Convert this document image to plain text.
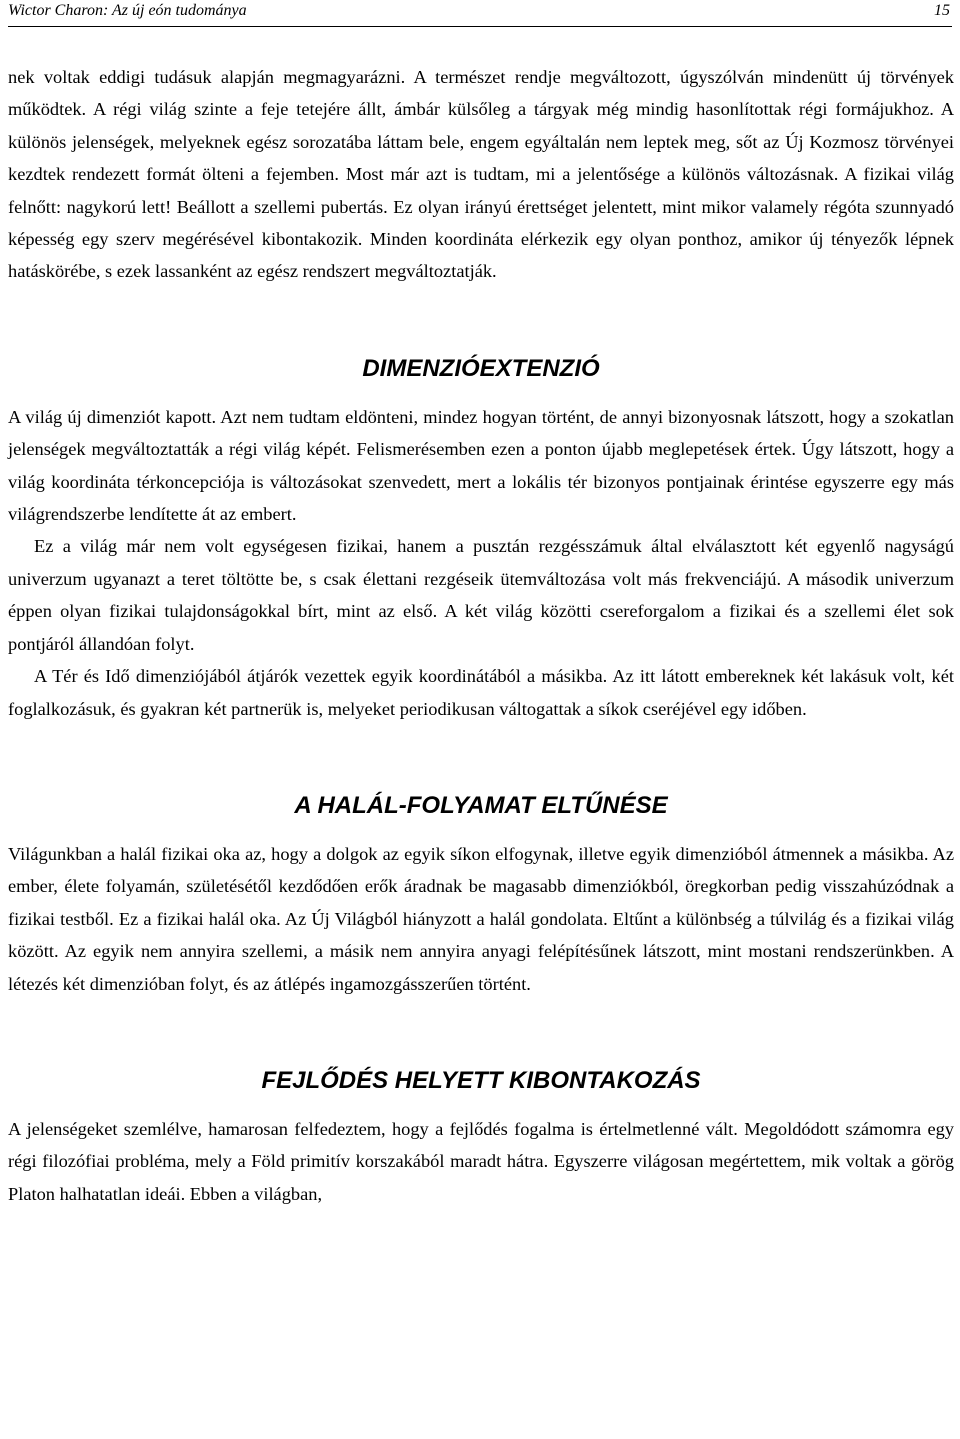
Wictor Charon: Az új eón tudománya	15

nek voltak eddigi tudásuk alapján megmagyarázni. A természet rendje megváltozott, úgyszólván mindenütt új törvények működtek. A régi világ szinte a feje tetejére állt, ámbár külsőleg a tárgyak még mindig hasonlítottak régi formájukhoz. A különös jelenségek, melyeknek egész sorozatába láttam bele, engem egyáltalán nem leptek meg, sőt az Új Kozmosz törvényei kezdtek rendezett formát ölteni a fejemben. Most már azt is tudtam, mi a jelentősége a különös változásnak. A fizikai világ felnőtt: nagykorú lett! Beállott a szellemi pubertás. Ez olyan irányú érettséget jelentett, mint mikor valamely régóta szunnyadó képesség egy szerv megérésével kibontakozik. Minden koordináta elérkezik egy olyan ponthoz, amikor új tényezők lépnek hatáskörébe, s ezek lassanként az egész rendszert megváltoztatják.

DIMENZIÓEXTENZIÓ

A világ új dimenziót kapott. Azt nem tudtam eldönteni, mindez hogyan történt, de annyi bizonyosnak látszott, hogy a szokatlan jelenségek megváltoztatták a régi világ képét. Felismerésemben ezen a ponton újabb meglepetések értek. Úgy látszott, hogy a világ koordináta térkoncepciója is változásokat szenvedett, mert a lokális tér bizonyos pontjainak érintése egyszerre egy más világrendszerbe lendítette át az embert.

Ez a világ már nem volt egységesen fizikai, hanem a pusztán rezgésszámuk által elválasztott két egyenlő nagyságú univerzum ugyanazt a teret töltötte be, s csak élettani rezgéseik ütemváltozása volt más frekvenciájú. A második univerzum éppen olyan fizikai tulajdonságokkal bírt, mint az első. A két világ közötti csereforgalom a fizikai és a szellemi élet sok pontjáról állandóan folyt.

A Tér és Idő dimenziójából átjárók vezettek egyik koordinátából a másikba. Az itt látott embereknek két lakásuk volt, két foglalkozásuk, és gyakran két partnerük is, melyeket periodikusan váltogattak a síkok cseréjével egy időben.

A HALÁL-FOLYAMAT ELTŰNÉSE

Világunkban a halál fizikai oka az, hogy a dolgok az egyik síkon elfogynak, illetve egyik dimenzióból átmennek a másikba. Az ember, élete folyamán, születésétől kezdődően erők áradnak be magasabb dimenziókból, öregkorban pedig visszahúzódnak a fizikai testből. Ez a fizikai halál oka. Az Új Világból hiányzott a halál gondolata. Eltűnt a különbség a túlvilág és a fizikai világ között. Az egyik nem annyira szellemi, a másik nem annyira anyagi felépítésűnek látszott, mint mostani rendszerünkben. A létezés két dimenzióban folyt, és az átlépés ingamozgásszerűen történt.

FEJLŐDÉS HELYETT KIBONTAKOZÁS

A jelenségeket szemlélve, hamarosan felfedeztem, hogy a fejlődés fogalma is értelmetlenné vált. Megoldódott számomra egy régi filozófiai probléma, mely a Föld primitív korszakából maradt hátra. Egyszerre világosan megértettem, mik voltak a görög Platon halhatatlan ideái. Ebben a világban,
